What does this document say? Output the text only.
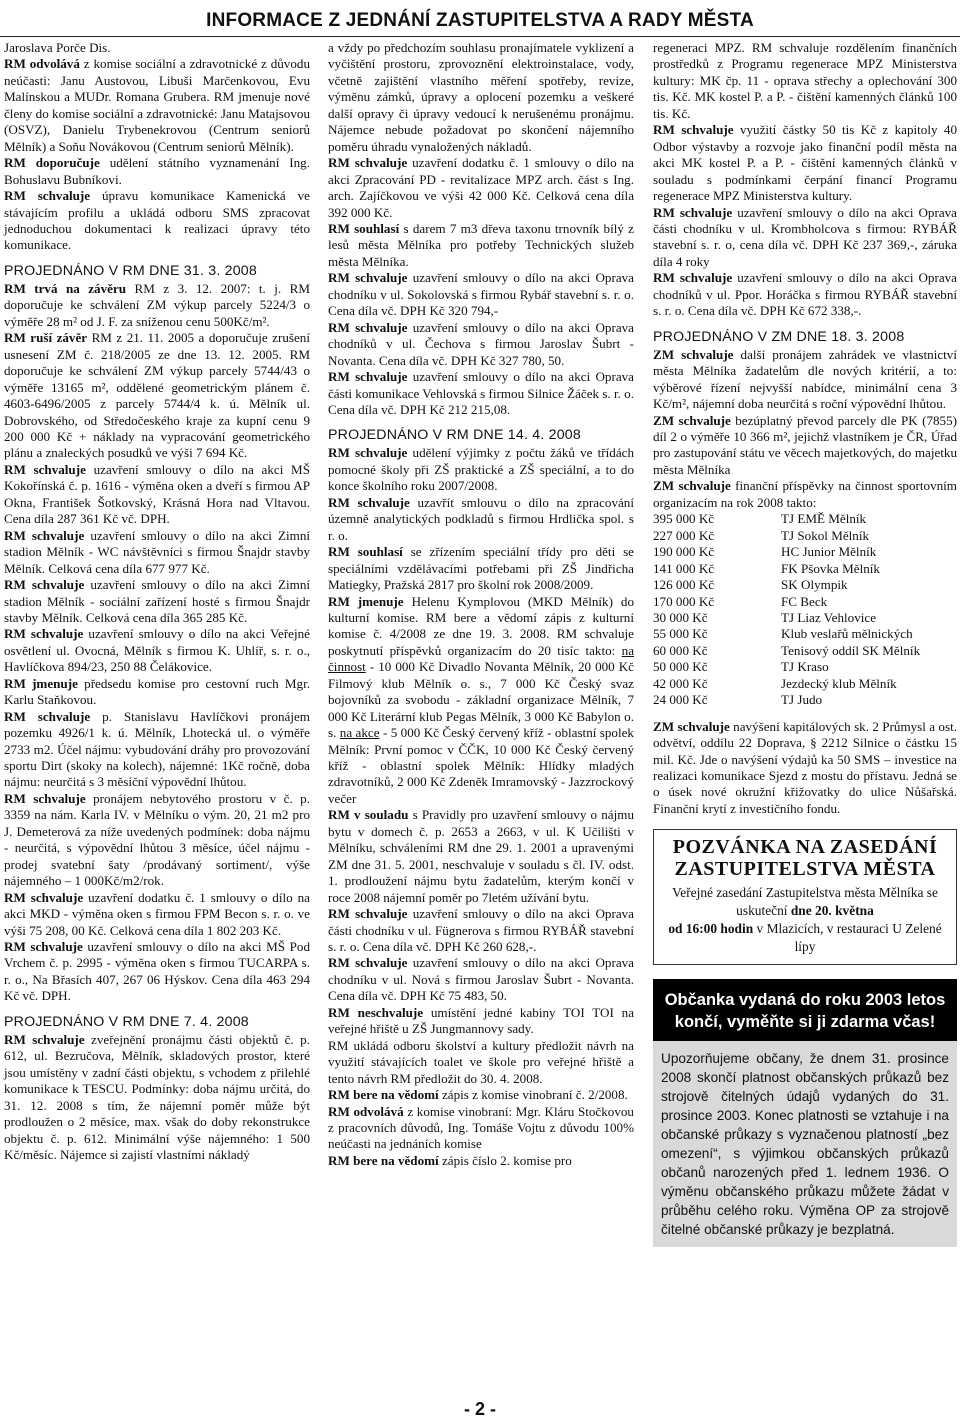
INFORMACE Z JEDNÁNÍ ZASTUPITELSTVA A RADY MĚSTA

Jaroslava Porče Dis.

RM odvolává z komise sociální a zdravotnické z důvodu neúčasti: Janu Austovou, Libuši Marčenkovou, Evu Malínskou a MUDr. Romana Grubera. RM jmenuje nové členy do komise sociální a zdravotnické: Janu Matajsovou (OSVZ), Danielu Trybenekrovou (Centrum seniorů Mělník) a Soňu Novákovou (Centrum seniorů Mělník).

RM doporučuje udělení státního vyznamenání Ing. Bohuslavu Bubníkovi.

RM schvaluje úpravu komunikace Kamenická ve stávajícím profilu a ukládá odboru SMS zpracovat jednoduchou dokumentaci k realizaci úpravy této komunikace.

PROJEDNÁNO V RM DNE 31. 3. 2008

RM trvá na závěru RM z 3. 12. 2007: t. j. RM doporučuje ke schválení ZM výkup parcely 5224/3 o výměře 28 m² od J. F. za sníženou cenu 500Kč/m².

RM ruší závěr RM z 21. 11. 2005 a doporučuje zrušení usnesení ZM č. 218/2005 ze dne 13. 12. 2005. RM doporučuje ke schválení ZM výkup parcely 5744/43 o výměře 13165 m², oddělené geometrickým plánem č. 4603-6496/2005 z parcely 5744/4 k. ú. Mělník ul. Dobrovského, od Středočeského kraje za kupní cenu 9 200 000 Kč + náklady na vypracování geometrického plánu a znaleckých posudků ve výši 7 694 Kč.

RM schvaluje uzavření smlouvy o dílo na akci MŠ Kokořínská č. p. 1616 - výměna oken a dveří s firmou AP Okna, František Šotkovský, Krásná Hora nad Vltavou. Cena díla 287 361 Kč vč. DPH.

RM schvaluje uzavření smlouvy o dílo na akci Zimní stadion Mělník - WC návštěvníci s firmou Šnajdr stavby Mělník. Celková cena díla 677 977 Kč.

RM schvaluje uzavření smlouvy o dílo na akci Zimní stadion Mělník - sociální zařízení hosté s firmou Šnajdr stavby Mělník. Celková cena díla 365 285 Kč.

RM schvaluje uzavření smlouvy o dílo na akci Veřejné osvětlení ul. Ovocná, Mělník s firmou K. Uhlíř, s. r. o., Havlíčkova 894/23, 250 88 Čelákovice.

RM jmenuje předsedu komise pro cestovní ruch Mgr. Karlu Staňkovou.

RM schvaluje p. Stanislavu Havlíčkovi pronájem pozemku 4926/1 k. ú. Mělník, Lhotecká ul. o výměře 2733 m2. Účel nájmu: vybudování dráhy pro provozování sportu Dirt (skoky na kolech), nájemné: 1Kč ročně, doba nájmu: neurčitá s 3 měsíční výpovědní lhůtou.

RM schvaluje pronájem nebytového prostoru v č. p. 3359 na nám. Karla IV. v Mělníku o vým. 20, 21 m2 pro J. Demeterová za níže uvedených podmínek: doba nájmu - neurčitá, s výpovědní lhůtou 3 měsíce, účel nájmu - prodej svatební šaty /prodávaný sortiment/, výše nájemného – 1 000Kč/m2/rok.

RM schvaluje uzavření dodatku č. 1 smlouvy o dílo na akci MKD - výměna oken s firmou FPM Becon s. r. o. ve výši 75 208, 00 Kč. Celková cena díla 1 802 203 Kč.

RM schvaluje uzavření smlouvy o dílo na akci MŠ Pod Vrchem č. p. 2995 - výměna oken s firmou TUCARPA s. r. o., Na Břasích 407, 267 06 Hýskov. Cena díla 463 294 Kč vč. DPH.

PROJEDNÁNO V RM DNE 7. 4. 2008

RM schvaluje zveřejnění pronájmu části objektů č. p. 612, ul. Bezručova, Mělník, skladových prostor, které jsou umístěny v zadní části objektu, s vchodem z přilehlé komunikace k TESCU. Podmínky: doba nájmu určitá, do 31. 12. 2008 s tím, že nájemní poměr může být prodloužen o 2 měsíce, max. však do doby rekonstrukce objektu č. p. 612. Minimální výše nájemného: 1 500 Kč/měsíc. Nájemce si zajistí vlastními nákladý

a vždy po předchozím souhlasu pronajímatele vyklizení a vyčištění prostoru, zprovoznění elektroinstalace, vody, včetně zajištění vlastního měření spotřeby, revize, výměnu zámků, úpravy a oplocení pozemku a veškeré další opravy či úpravy vedoucí k nerušenému pronájmu. Nájemce nebude požadovat po skončení nájemního poměru úhradu vynaložených nákladů.

RM schvaluje uzavření dodatku č. 1 smlouvy o dílo na akci Zpracování PD - revitalizace MPZ arch. část s Ing. arch. Zajíčkovou ve výši 42 000 Kč. Celková cena díla 392 000 Kč.

RM souhlasí s darem 7 m3 dřeva taxonu trnovník bílý z lesů města Mělníka pro potřeby Technických služeb města Mělníka.

RM schvaluje uzavření smlouvy o dílo na akci Oprava chodníku v ul. Sokolovská s firmou Rybář stavební s. r. o. Cena díla vč. DPH Kč 320 794,-

RM schvaluje uzavření smlouvy o dílo na akci Oprava chodníků v ul. Čechova s firmou Jaroslav Šubrt - Novanta. Cena díla vč. DPH Kč 327 780, 50.

RM schvaluje uzavření smlouvy o dílo na akci Oprava části komunikace Vehlovská s firmou Silnice Žáček s. r. o. Cena díla vč. DPH Kč 212 215,08.

PROJEDNÁNO V RM DNE 14. 4. 2008

RM schvaluje udělení výjimky z počtu žáků ve třídách pomocné školy při ZŠ praktické a ZŠ speciální, a to do konce školního roku 2007/2008.

RM schvaluje uzavřít smlouvu o dílo na zpracování územně analytických podkladů s firmou Hrdlička spol. s r. o.

RM souhlasí se zřízením speciální třídy pro děti se speciálními vzdělávacími potřebami při ZŠ Jindřicha Matiegky, Pražská 2817 pro školní rok 2008/2009.

RM jmenuje Helenu Kymplovou (MKD Mělník) do kulturní komise. RM bere a vědomí zápis z kulturní komise č. 4/2008 ze dne 19. 3. 2008. RM schvaluje poskytnutí příspěvků organizacím do 20 tisíc takto: na činnost - 10 000 Kč Divadlo Novanta Mělník, 20 000 Kč Filmový klub Mělník o. s., 7 000 Kč Český svaz bojovníků za svobodu - základní organizace Mělník, 7 000 Kč Literární klub Pegas Mělník, 3 000 Kč Babylon o. s. na akce - 5 000 Kč Český červený kříž - oblastní spolek Mělník: První pomoc v ČČK, 10 000 Kč Český červený kříž - oblastní spolek Mělník: Hlídky mladých zdravotníků, 2 000 Kč Zdeněk Imramovský - Jazzrockový večer

RM v souladu s Pravidly pro uzavření smlouvy o nájmu bytu v domech č. p. 2653 a 2663, v ul. K Učilišti v Mělníku, schváleními RM dne 29. 1. 2001 a upravenými ZM dne 31. 5. 2001, neschvaluje v souladu s čl. IV. odst. 1. prodloužení nájmu bytu žadatelům, kterým končí v roce 2008 nájemní poměr po 7letém užívání bytu.

RM schvaluje uzavření smlouvy o dílo na akci Oprava části chodníku v ul. Fügnerova s firmou RYBÁŘ stavební s. r. o. Cena díla vč. DPH Kč 260 628,-.

RM schvaluje uzavření smlouvy o dílo na akci Oprava chodníku v ul. Nová s firmou Jaroslav Šubrt - Novanta. Cena díla vč. DPH Kč 75 483, 50.

RM neschvaluje umístění jedné kabiny TOI TOI na veřejné hřiště u ZŠ Jungmannovy sady.

RM ukládá odboru školství a kultury předložit návrh na využití stávajících toalet ve škole pro veřejné hřiště a tento návrh RM předložit do 30. 4. 2008.

RM bere na vědomí zápis z komise vinobraní č. 2/2008.

RM odvolává z komise vinobraní: Mgr. Kláru Stočkovou z pracovních důvodů, Ing. Tomáše Vojtu z důvodu 100% neúčasti na jednáních komise

RM bere na vědomí zápis číslo 2. komise pro

regeneraci MPZ. RM schvaluje rozdělením finančních prostředků z Programu regenerace MPZ Ministerstva kultury: MK čp. 11 - oprava střechy a oplechování 300 tis. Kč. MK kostel P. a P. - čištění kamenných článků 100 tis. Kč.

RM schvaluje využití částky 50 tis Kč z kapitoly 40 Odbor výstavby a rozvoje jako finanční podíl města na akci MK kostel P. a P. - čištění kamenných článků v souladu s podmínkami čerpání financí Programu regenerace MPZ Ministerstva kultury.

RM schvaluje uzavření smlouvy o dílo na akci Oprava části chodníku v ul. Krombholcova s firmou: RYBÁŘ stavební s. r. o, cena díla vč. DPH Kč 237 369,-, záruka díla 4 roky

RM schvaluje uzavření smlouvy o dílo na akci Oprava chodníků v ul. Ppor. Horáčka s firmou RYBÁŘ stavební s. r. o. Cena díla vč. DPH Kč 672 338,-.

PROJEDNÁNO V ZM DNE 18. 3. 2008

ZM schvaluje další pronájem zahrádek ve vlastnictví města Mělníka žadatelům dle nových kritérií, a to: výběrové řízení nejvyšší nabídce, minimální cena 3 Kč/m², nájemní doba neurčitá s roční výpovědní lhůtou.

ZM schvaluje bezúplatný převod parcely dle PK (7855) díl 2 o výměře 10 366 m², jejichž vlastníkem je ČR, Úřad pro zastupování státu ve věcech majetkových, do majetku města Mělníka

ZM schvaluje finanční příspěvky na činnost sportovním organizacím na rok 2008 takto:

395 000 Kč	TJ EMĚ Mělník
227 000 Kč	TJ Sokol Mělník
190 000 Kč	HC Junior Mělník
141 000 Kč	FK Pšovka Mělník
126 000 Kč	SK Olympik
170 000 Kč	FC Beck
30 000 Kč	TJ Liaz Vehlovice
55 000 Kč	Klub veslařů mělnických
60 000 Kč	Tenisový oddíl SK Mělník
50 000 Kč	TJ Kraso
42 000 Kč	Jezdecký klub Mělník
24 000 Kč	TJ Judo

ZM schvaluje navýšení kapitálových sk. 2 Průmysl a ost. odvětví, oddílu 22 Doprava, § 2212 Silnice o částku 15 mil. Kč. Jde o navýšení výdajů ka 50 SMS – investice na realizaci komunikace Sjezd z mostu do přístavu. Jedná se o úsek nové okružní křižovatky do ulice Nůšařská. Finanční krytí z investičního fondu.

POZVÁNKA NA ZASEDÁNÍ ZASTUPITELSTVA MĚSTA
Veřejné zasedání Zastupitelstva města Mělníka se uskuteční dne 20. května
od 16:00 hodin v Mlazicích, v restauraci U Zelené lípy
Občanka vydaná do roku 2003 letos končí, vyměňte si ji zdarma včas!
Upozorňujeme občany, že dnem 31. prosince 2008 skončí platnost občanských průkazů bez strojově čitelných údajů vydaných do 31. prosince 2003. Konec platnosti se vztahuje i na občanské průkazy s vyznačenou platností „bez omezení“, s výjimkou občanských průkazů občanů narozených před 1. lednem 1936. O výměnu občanského průkazu můžete žádat v průběhu celého roku. Výměna OP za strojově čitelné občanské průkazy je bezplatná.
- 2 -
